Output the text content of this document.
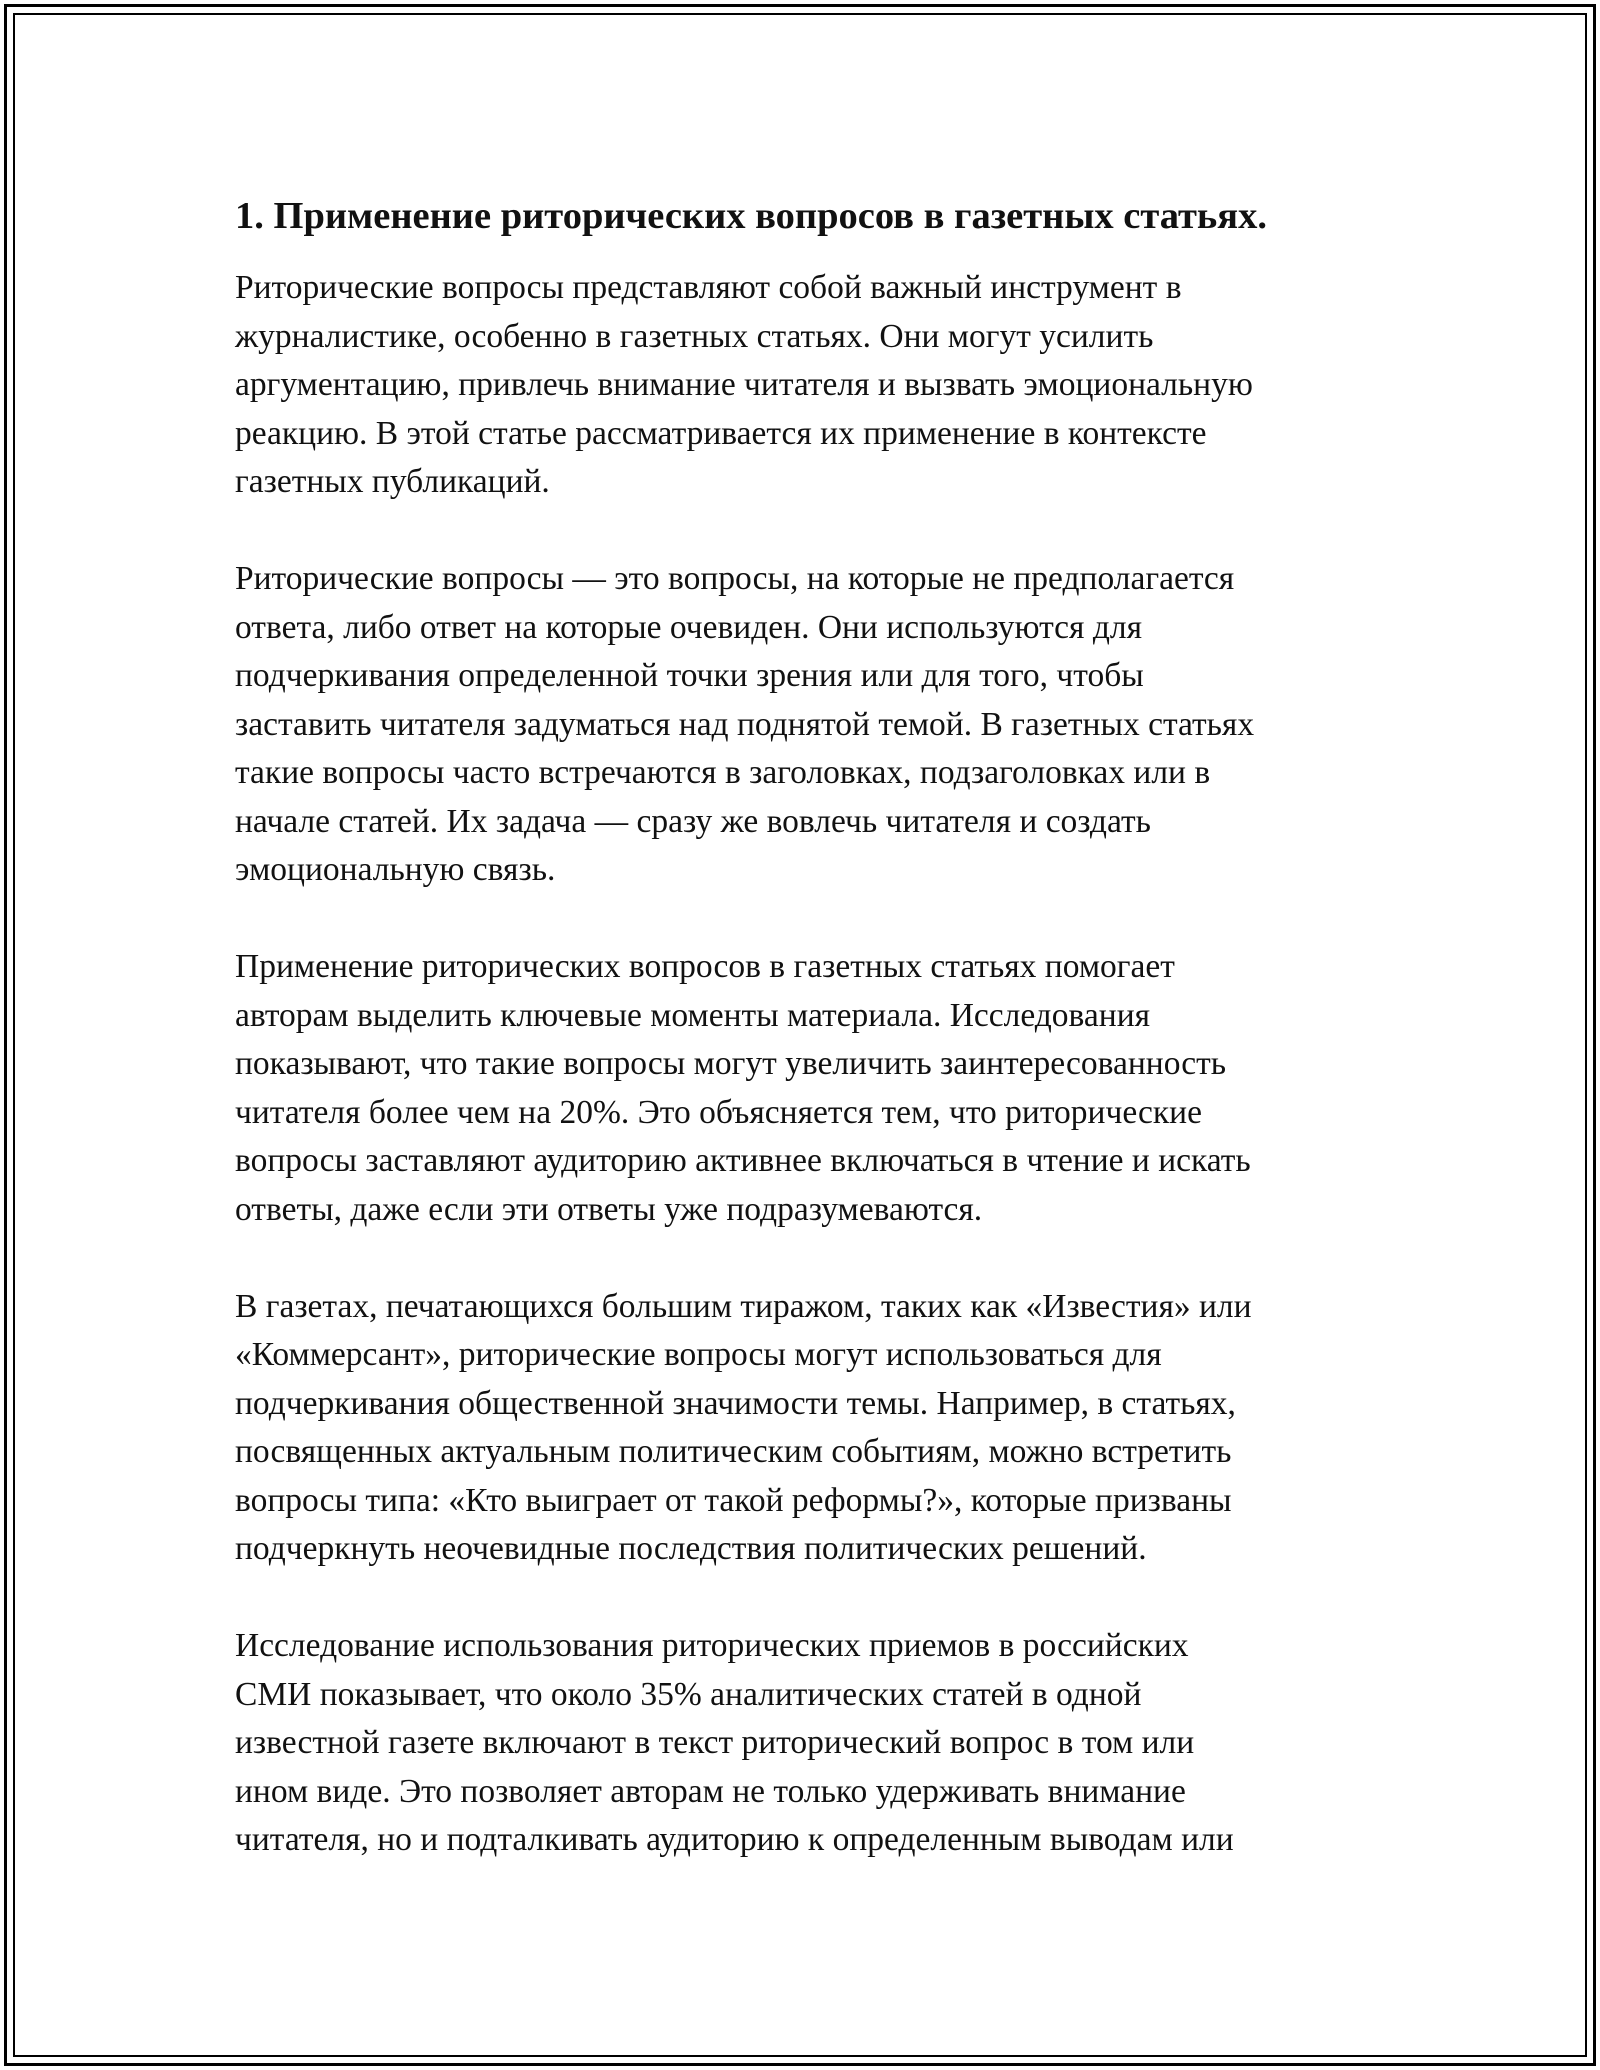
1. Применение риторических вопросов в газетных статьях.

Риторические вопросы представляют собой важный инструмент в
журналистике, особенно в газетных статьях. Они могут усилить
аргументацию, привлечь внимание читателя и вызвать эмоциональную
реакцию. В этой статье рассматривается их применение в контексте
газетных публикаций.

Риторические вопросы — это вопросы, на которые не предполагается
ответа, либо ответ на которые очевиден. Они используются для
подчеркивания определенной точки зрения или для того, чтобы
заставить читателя задуматься над поднятой темой. В газетных статьях
такие вопросы часто встречаются в заголовках, подзаголовках или в
начале статей. Их задача — сразу же вовлечь читателя и создать
эмоциональную связь.

Применение риторических вопросов в газетных статьях помогает
авторам выделить ключевые моменты материала. Исследования
показывают, что такие вопросы могут увеличить заинтересованность
читателя более чем на 20%. Это объясняется тем, что риторические
вопросы заставляют аудиторию активнее включаться в чтение и искать
ответы, даже если эти ответы уже подразумеваются.

В газетах, печатающихся большим тиражом, таких как «Известия» или
«Коммерсант», риторические вопросы могут использоваться для
подчеркивания общественной значимости темы. Например, в статьях,
посвященных актуальным политическим событиям, можно встретить
вопросы типа: «Кто выиграет от такой реформы?», которые призваны
подчеркнуть неочевидные последствия политических решений.

Исследование использования риторических приемов в российских
СМИ показывает, что около 35% аналитических статей в одной
известной газете включают в текст риторический вопрос в том или
ином виде. Это позволяет авторам не только удерживать внимание
читателя, но и подталкивать аудиторию к определенным выводам или
